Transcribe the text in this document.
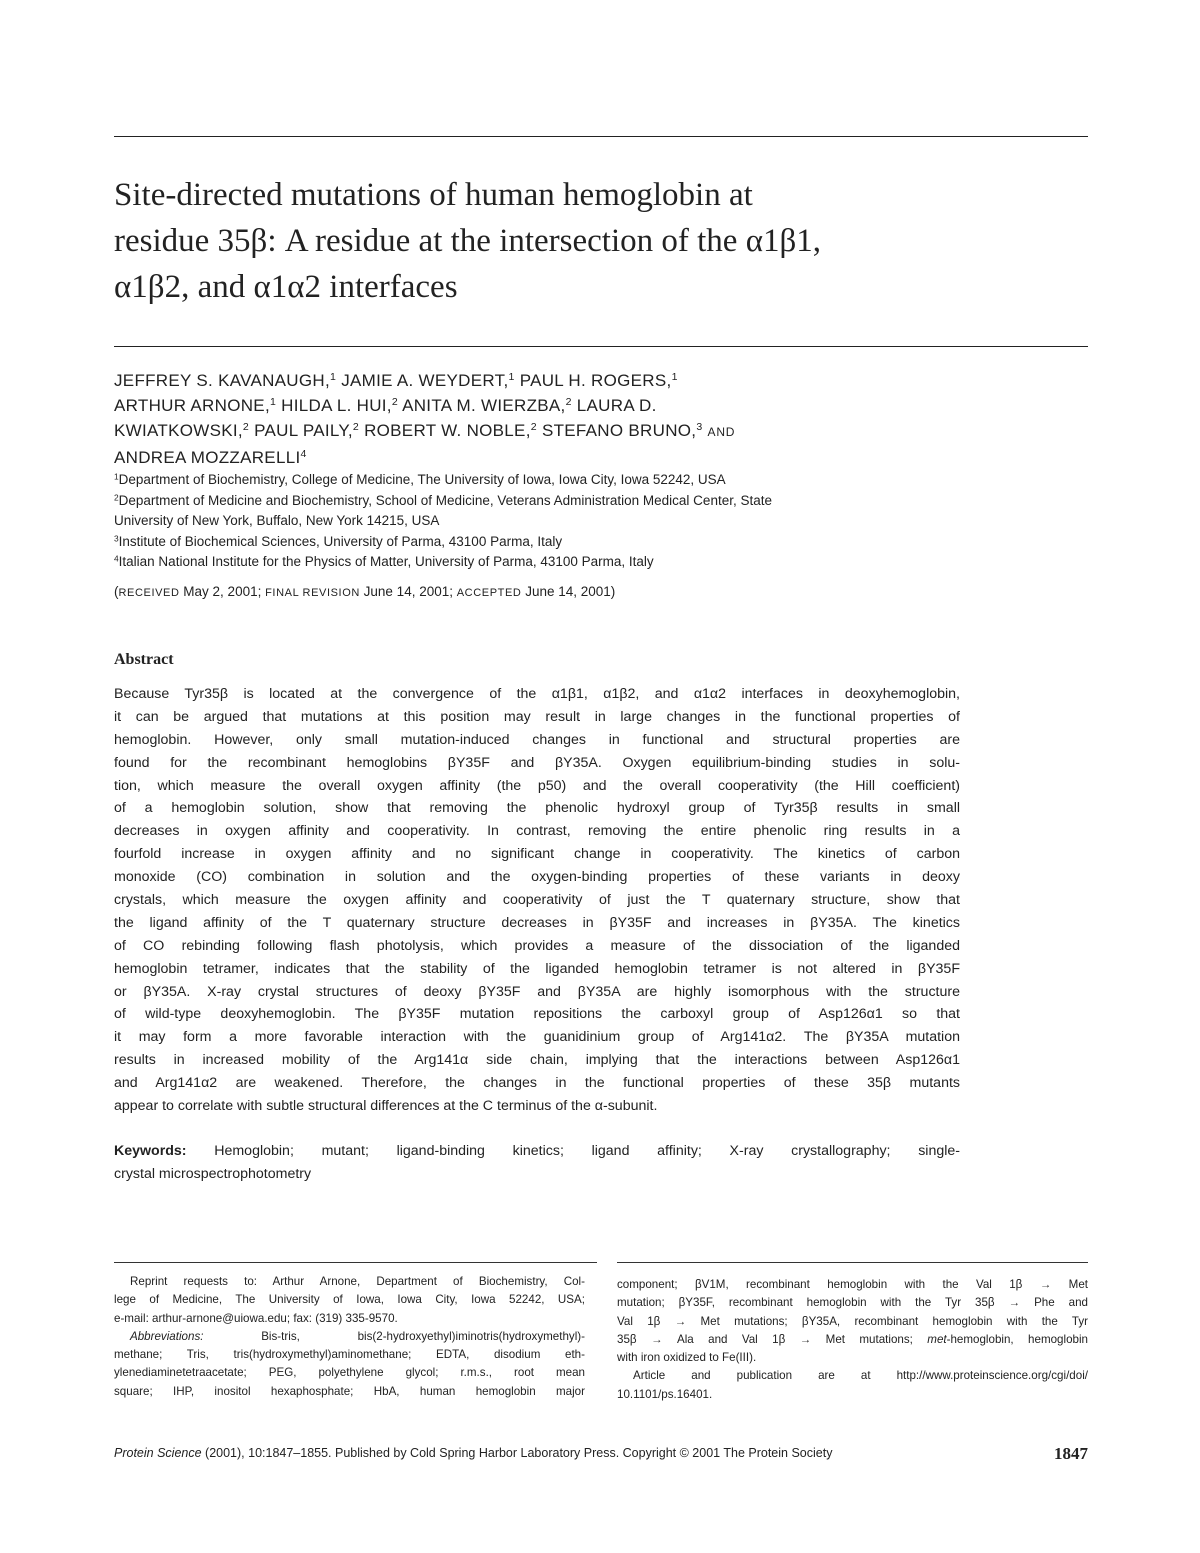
Site-directed mutations of human hemoglobin at
residue 35β: A residue at the intersection of the α1β1,
α1β2, and α1α2 interfaces
JEFFREY S. KAVANAUGH,$^1$ JAMIE A. WEYDERT,$^1$ PAUL H. ROGERS,$^1$
ARTHUR ARNONE,$^1$ HILDA L. HUI,$^2$ ANITA M. WIERZBA,$^2$ LAURA D.
KWIATKOWSKI,$^2$ PAUL PAILY,$^2$ ROBERT W. NOBLE,$^2$ STEFANO BRUNO,$^3$ AND
ANDREA MOZZARELLI$^4$
$^1$Department of Biochemistry, College of Medicine, The University of Iowa, Iowa City, Iowa 52242, USA
$^2$Department of Medicine and Biochemistry, School of Medicine, Veterans Administration Medical Center, State
University of New York, Buffalo, New York 14215, USA
$^3$Institute of Biochemical Sciences, University of Parma, 43100 Parma, Italy
$^4$Italian National Institute for the Physics of Matter, University of Parma, 43100 Parma, Italy
(RECEIVED May 2, 2001; FINAL REVISION June 14, 2001; ACCEPTED June 14, 2001)
Abstract
Because Tyr35β is located at the convergence of the α1β1, α1β2, and α1α2 interfaces in deoxyhemoglobin,
it can be argued that mutations at this position may result in large changes in the functional properties of
hemoglobin. However, only small mutation-induced changes in functional and structural properties are
found for the recombinant hemoglobins βY35F and βY35A. Oxygen equilibrium-binding studies in solu-
tion, which measure the overall oxygen affinity (the p50) and the overall cooperativity (the Hill coefficient)
of a hemoglobin solution, show that removing the phenolic hydroxyl group of Tyr35β results in small
decreases in oxygen affinity and cooperativity. In contrast, removing the entire phenolic ring results in a
fourfold increase in oxygen affinity and no significant change in cooperativity. The kinetics of carbon
monoxide (CO) combination in solution and the oxygen-binding properties of these variants in deoxy
crystals, which measure the oxygen affinity and cooperativity of just the T quaternary structure, show that
the ligand affinity of the T quaternary structure decreases in βY35F and increases in βY35A. The kinetics
of CO rebinding following flash photolysis, which provides a measure of the dissociation of the liganded
hemoglobin tetramer, indicates that the stability of the liganded hemoglobin tetramer is not altered in βY35F
or βY35A. X-ray crystal structures of deoxy βY35F and βY35A are highly isomorphous with the structure
of wild-type deoxyhemoglobin. The βY35F mutation repositions the carboxyl group of Asp126α1 so that
it may form a more favorable interaction with the guanidinium group of Arg141α2. The βY35A mutation
results in increased mobility of the Arg141α side chain, implying that the interactions between Asp126α1
and Arg141α2 are weakened. Therefore, the changes in the functional properties of these 35β mutants
appear to correlate with subtle structural differences at the C terminus of the α-subunit.
Keywords: Hemoglobin; mutant; ligand-binding kinetics; ligand affinity; X-ray crystallography; single-
crystal microspectrophotometry
Reprint requests to: Arthur Arnone, Department of Biochemistry, Col-
lege of Medicine, The University of Iowa, Iowa City, Iowa 52242, USA;
e-mail: arthur-arnone@uiowa.edu; fax: (319) 335-9570.
Abbreviations: Bis-tris, bis(2-hydroxyethyl)iminotris(hydroxymethyl)-
methane; Tris, tris(hydroxymethyl)aminomethane; EDTA, disodium eth-
ylenediaminetetraacetate; PEG, polyethylene glycol; r.m.s., root mean
square; IHP, inositol hexaphosphate; HbA, human hemoglobin major
component; βV1M, recombinant hemoglobin with the Val 1β → Met
mutation; βY35F, recombinant hemoglobin with the Tyr 35β → Phe and
Val 1β → Met mutations; βY35A, recombinant hemoglobin with the Tyr
35β → Ala and Val 1β → Met mutations; met-hemoglobin, hemoglobin
with iron oxidized to Fe(III).
Article and publication are at http://www.proteinscience.org/cgi/doi/
10.1101/ps.16401.
Protein Science (2001), 10:1847–1855. Published by Cold Spring Harbor Laboratory Press. Copyright © 2001 The Protein Society	1847
